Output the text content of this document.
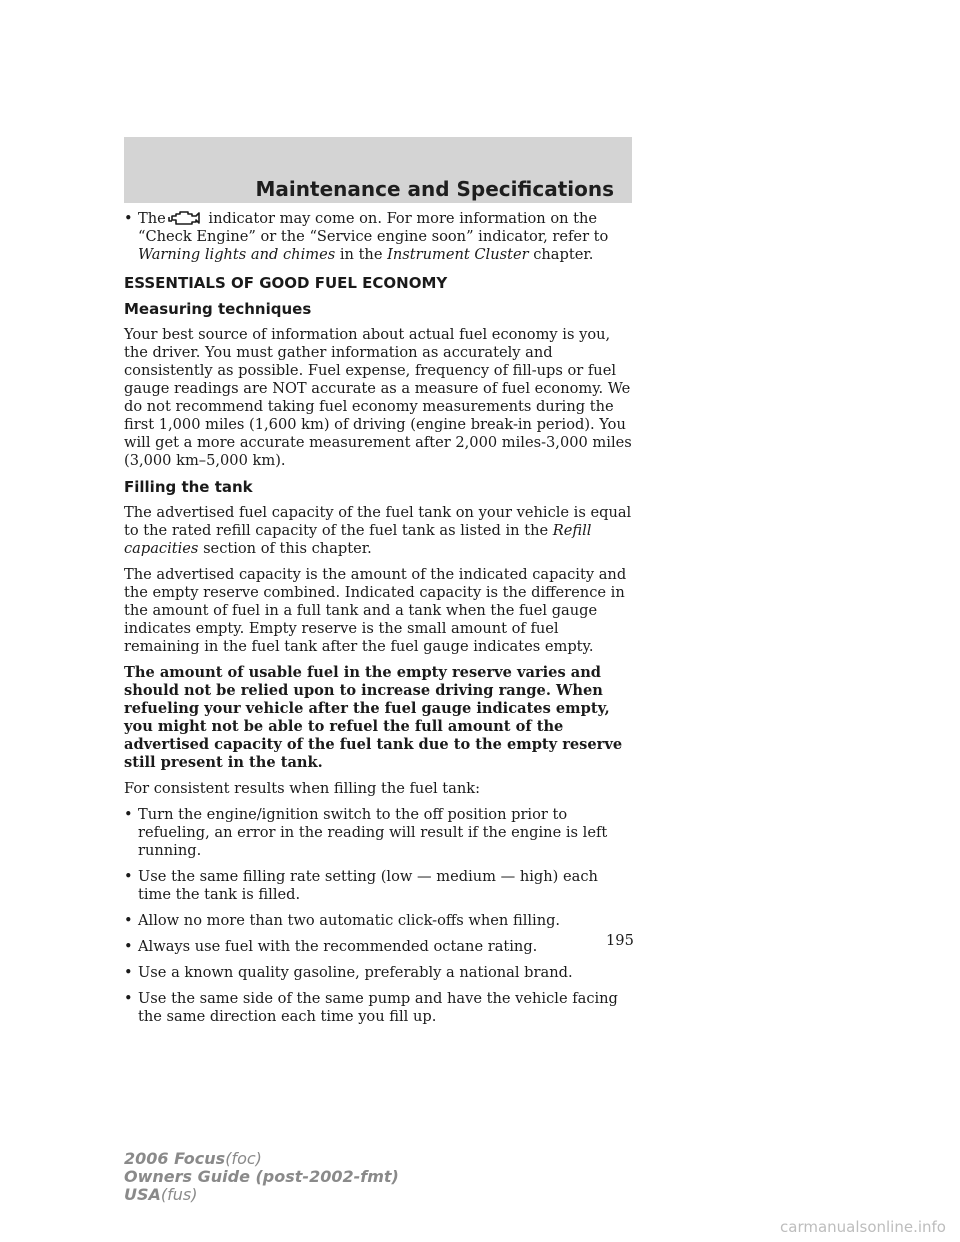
Maintenance and Specifications
• The	indicator may come on. For more information on the “Check Engine” or the “Service engine soon” indicator, refer to Warning lights and chimes in the Instrument Cluster chapter.
ESSENTIALS OF GOOD FUEL ECONOMY
Measuring techniques

Your best source of information about actual fuel economy is you, the driver. You must gather information as accurately and consistently as possible. Fuel expense, frequency of fill-ups or fuel gauge readings are NOT accurate as a measure of fuel economy. We do not recommend taking fuel economy measurements during the first 1,000 miles (1,600 km) of driving (engine break-in period). You will get a more accurate measurement after 2,000 miles-3,000 miles (3,000 km–5,000 km).

Filling the tank

The advertised fuel capacity of the fuel tank on your vehicle is equal to the rated refill capacity of the fuel tank as listed in the Refill capacities section of this chapter.

The advertised capacity is the amount of the indicated capacity and the empty reserve combined. Indicated capacity is the difference in the amount of fuel in a full tank and a tank when the fuel gauge indicates empty. Empty reserve is the small amount of fuel remaining in the fuel tank after the fuel gauge indicates empty.

The amount of usable fuel in the empty reserve varies and should not be relied upon to increase driving range. When refueling your vehicle after the fuel gauge indicates empty, you might not be able to refuel the full amount of the advertised capacity of the fuel tank due to the empty reserve still present in the tank.

For consistent results when filling the fuel tank:

• Turn the engine/ignition switch to the off position prior to refueling, an error in the reading will result if the engine is left running.
• Use the same filling rate setting (low — medium — high) each time the tank is filled.
• Allow no more than two automatic click-offs when filling.
• Always use fuel with the recommended octane rating.
• Use a known quality gasoline, preferably a national brand.
• Use the same side of the same pump and have the vehicle facing the same direction each time you fill up.
195
2006 Focus(foc)
Owners Guide (post-2002-fmt)
USA(fus)
carmanualsonline.info
